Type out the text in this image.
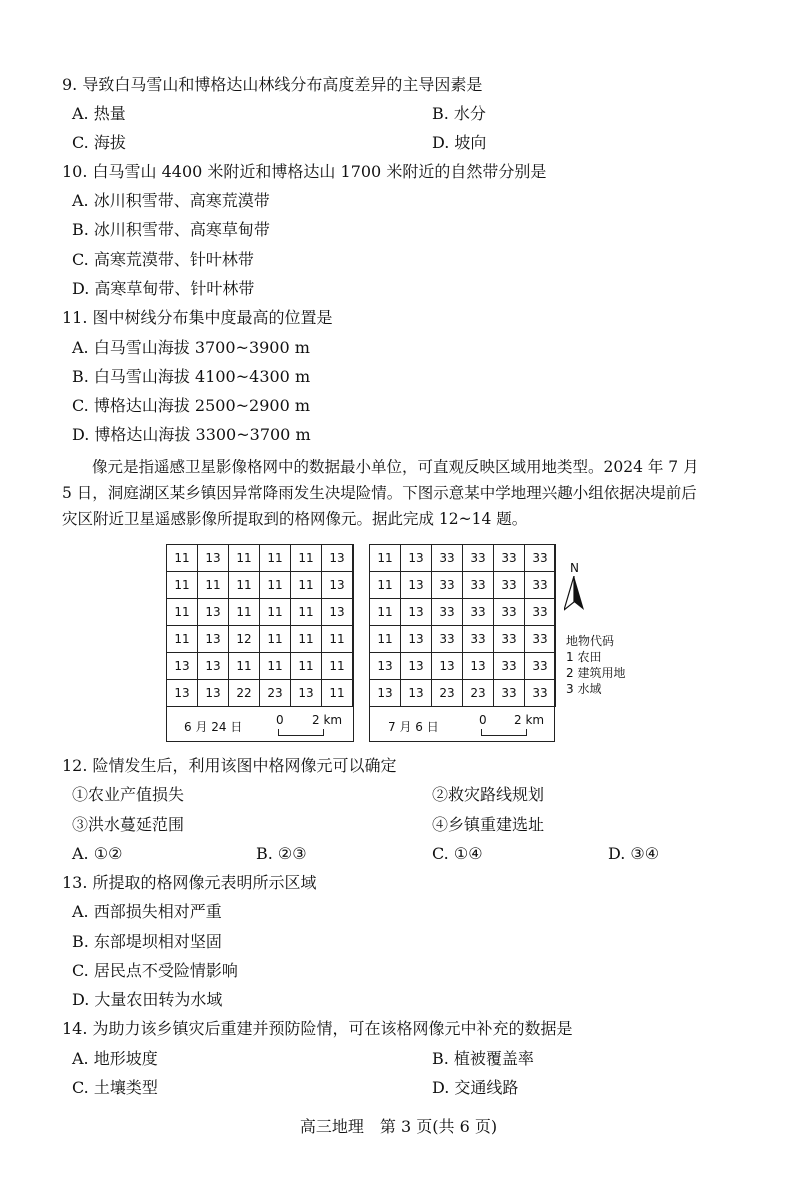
9. 导致白马雪山和博格达山林线分布高度差异的主导因素是
A. 热量	B. 水分
C. 海拔	D. 坡向
10. 白马雪山 4400 米附近和博格达山 1700 米附近的自然带分别是
A. 冰川积雪带、高寒荒漠带
B. 冰川积雪带、高寒草甸带
C. 高寒荒漠带、针叶林带
D. 高寒草甸带、针叶林带
11. 图中树线分布集中度最高的位置是
A. 白马雪山海拔 3700~3900 m
B. 白马雪山海拔 4100~4300 m
C. 博格达山海拔 2500~2900 m
D. 博格达山海拔 3300~3700 m
像元是指遥感卫星影像格网中的数据最小单位，可直观反映区域用地类型。2024 年 7 月
5 日，洞庭湖区某乡镇因异常降雨发生决堤险情。下图示意某中学地理兴趣小组依据决堤前后
灾区附近卫星遥感影像所提取到的格网像元。据此完成 12~14 题。
11	13	11	11	11	13
11	11	11	11	11	13
11	13	11	11	11	13
11	13	12	11	11	11
13	13	11	11	11	11
13	13	22	23	13	11
6 月 24 日	0 2 km
11	13	33	33	33	33
11	13	33	33	33	33
11	13	33	33	33	33
11	13	33	33	33	33
13	13	13	13	33	33
13	13	23	23	33	33
7 月 6 日	0 2 km
N
地物代码
1 农田
2 建筑用地
3 水域
12. 险情发生后，利用该图中格网像元可以确定
①农业产值损失	②救灾路线规划
③洪水蔓延范围	④乡镇重建选址
A. ①②	B. ②③	C. ①④	D. ③④
13. 所提取的格网像元表明所示区域
A. 西部损失相对严重
B. 东部堤坝相对坚固
C. 居民点不受险情影响
D. 大量农田转为水域
14. 为助力该乡镇灾后重建并预防险情，可在该格网像元中补充的数据是
A. 地形坡度	B. 植被覆盖率
C. 土壤类型	D. 交通线路
高三地理　第 3 页(共 6 页)
